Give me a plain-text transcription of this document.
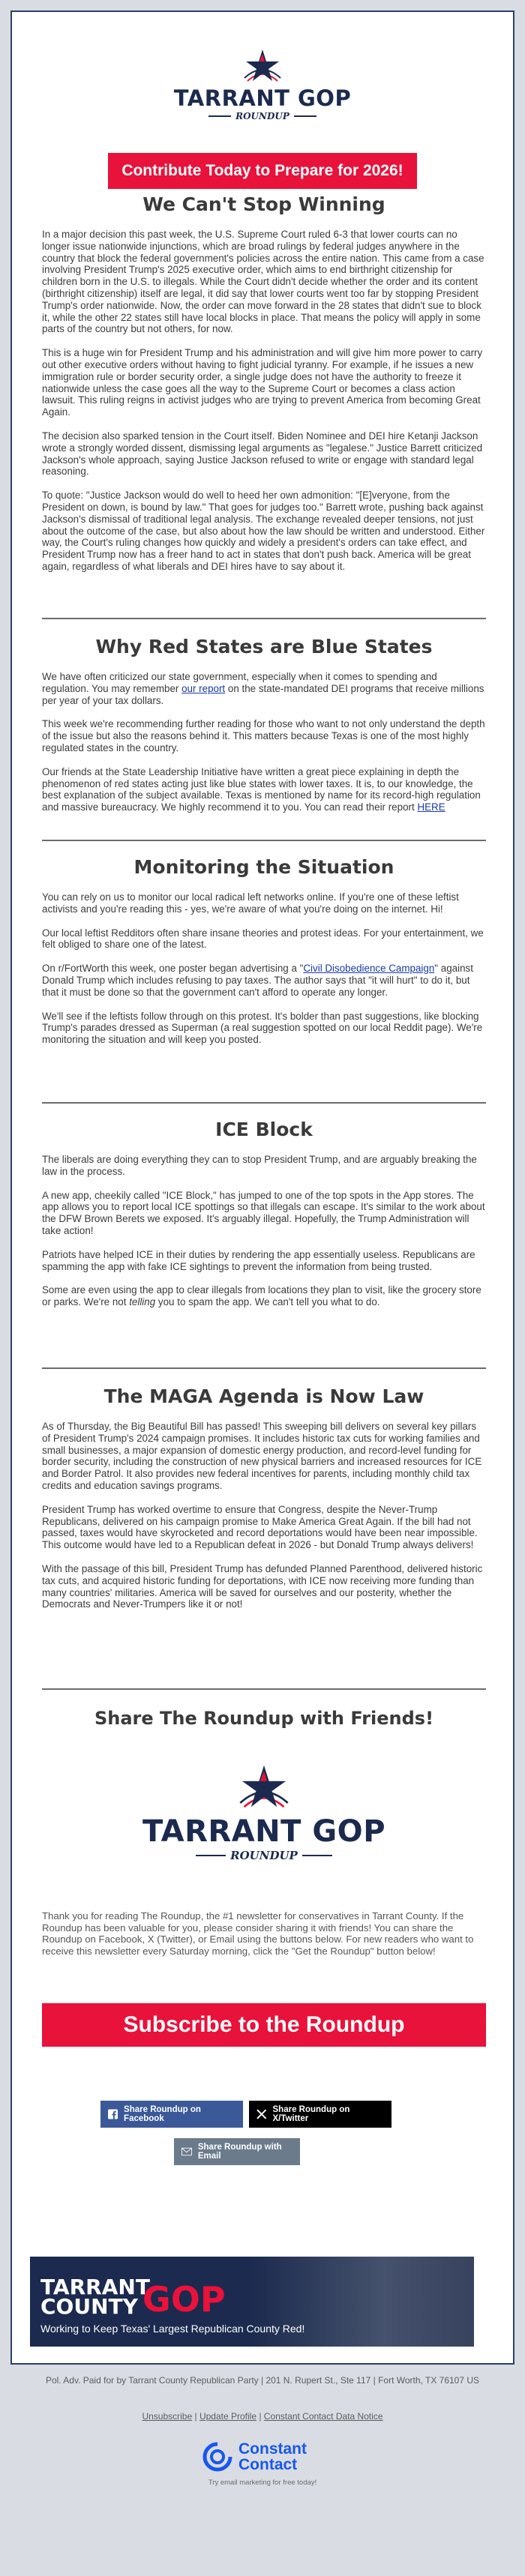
TARRANT GOP
ROUNDUP
Contribute Today to Prepare for 2026!
We Can't Stop Winning

In a major decision this past week, the U.S. Supreme Court ruled 6-3 that lower courts can no longer issue nationwide injunctions, which are broad rulings by federal judges anywhere in the country that block the federal government's policies across the entire nation. This came from a case involving President Trump's 2025 executive order, which aims to end birthright citizenship for children born in the U.S. to illegals. While the Court didn't decide whether the order and its content (birthright citizenship) itself are legal, it did say that lower courts went too far by stopping President Trump's order nationwide. Now, the order can move forward in the 28 states that didn't sue to block it, while the other 22 states still have local blocks in place. That means the policy will apply in some parts of the country but not others, for now.

This is a huge win for President Trump and his administration and will give him more power to carry out other executive orders without having to fight judicial tyranny. For example, if he issues a new immigration rule or border security order, a single judge does not have the authority to freeze it nationwide unless the case goes all the way to the Supreme Court or becomes a class action lawsuit. This ruling reigns in activist judges who are trying to prevent America from becoming Great Again.

The decision also sparked tension in the Court itself. Biden Nominee and DEI hire Ketanji Jackson wrote a strongly worded dissent, dismissing legal arguments as "legalese." Justice Barrett criticized Jackson's whole approach, saying Justice Jackson refused to write or engage with standard legal reasoning.

To quote: "Justice Jackson would do well to heed her own admonition: "[E]veryone, from the President on down, is bound by law." That goes for judges too." Barrett wrote, pushing back against Jackson's dismissal of traditional legal analysis. The exchange revealed deeper tensions, not just about the outcome of the case, but also about how the law should be written and understood. Either way, the Court's ruling changes how quickly and widely a president's orders can take effect, and President Trump now has a freer hand to act in states that don't push back. America will be great again, regardless of what liberals and DEI hires have to say about it.

Why Red States are Blue States

We have often criticized our state government, especially when it comes to spending and regulation. You may remember our report on the state-mandated DEI programs that receive millions per year of your tax dollars.

This week we're recommending further reading for those who want to not only understand the depth of the issue but also the reasons behind it. This matters because Texas is one of the most highly regulated states in the country.

Our friends at the State Leadership Initiative have written a great piece explaining in depth the phenomenon of red states acting just like blue states with lower taxes. It is, to our knowledge, the best explanation of the subject available. Texas is mentioned by name for its record-high regulation and massive bureaucracy. We highly recommend it to you. You can read their report HERE

Monitoring the Situation

You can rely on us to monitor our local radical left networks online. If you're one of these leftist activists and you're reading this - yes, we're aware of what you're doing on the internet. Hi!

Our local leftist Redditors often share insane theories and protest ideas. For your entertainment, we felt obliged to share one of the latest.

On r/FortWorth this week, one poster began advertising a "Civil Disobedience Campaign" against Donald Trump which includes refusing to pay taxes. The author says that "it will hurt" to do it, but that it must be done so that the government can't afford to operate any longer.

We'll see if the leftists follow through on this protest. It's bolder than past suggestions, like blocking Trump's parades dressed as Superman (a real suggestion spotted on our local Reddit page). We're monitoring the situation and will keep you posted.

ICE Block

The liberals are doing everything they can to stop President Trump, and are arguably breaking the law in the process.

A new app, cheekily called "ICE Block," has jumped to one of the top spots in the App stores. The app allows you to report local ICE spottings so that illegals can escape. It's similar to the work about the DFW Brown Berets we exposed. It's arguably illegal. Hopefully, the Trump Administration will take action!

Patriots have helped ICE in their duties by rendering the app essentially useless. Republicans are spamming the app with fake ICE sightings to prevent the information from being trusted.

Some are even using the app to clear illegals from locations they plan to visit, like the grocery store or parks. We're not telling you to spam the app. We can't tell you what to do.

The MAGA Agenda is Now Law

As of Thursday, the Big Beautiful Bill has passed! This sweeping bill delivers on several key pillars of President Trump's 2024 campaign promises. It includes historic tax cuts for working families and small businesses, a major expansion of domestic energy production, and record-level funding for border security, including the construction of new physical barriers and increased resources for ICE and Border Patrol. It also provides new federal incentives for parents, including monthly child tax credits and education savings programs.

President Trump has worked overtime to ensure that Congress, despite the Never-Trump Republicans, delivered on his campaign promise to Make America Great Again. If the bill had not passed, taxes would have skyrocketed and record deportations would have been near impossible. This outcome would have led to a Republican defeat in 2026 - but Donald Trump always delivers!

With the passage of this bill, President Trump has defunded Planned Parenthood, delivered historic tax cuts, and acquired historic funding for deportations, with ICE now receiving more funding than many countries' militaries. America will be saved for ourselves and our posterity, whether the Democrats and Never-Trumpers like it or not!

Share The Roundup with Friends!
TARRANT GOP
ROUNDUP

Thank you for reading The Roundup, the #1 newsletter for conservatives in Tarrant County. If the Roundup has been valuable for you, please consider sharing it with friends! You can share the Roundup on Facebook, X (Twitter), or Email using the buttons below. For new readers who want to receive this newsletter every Saturday morning, click the "Get the Roundup" button below!

Subscribe to the Roundup
Share Roundup on Facebook
Share Roundup on X/Twitter
Share Roundup with Email
TARRANT
COUNTY GOP
Working to Keep Texas' Largest Republican County Red!
Pol. Adv. Paid for by Tarrant County Republican Party | 201 N. Rupert St., Ste 117 | Fort Worth, TX 76107 US
Unsubscribe | Update Profile | Constant Contact Data Notice
Constant
Contact
Try email marketing for free today!
